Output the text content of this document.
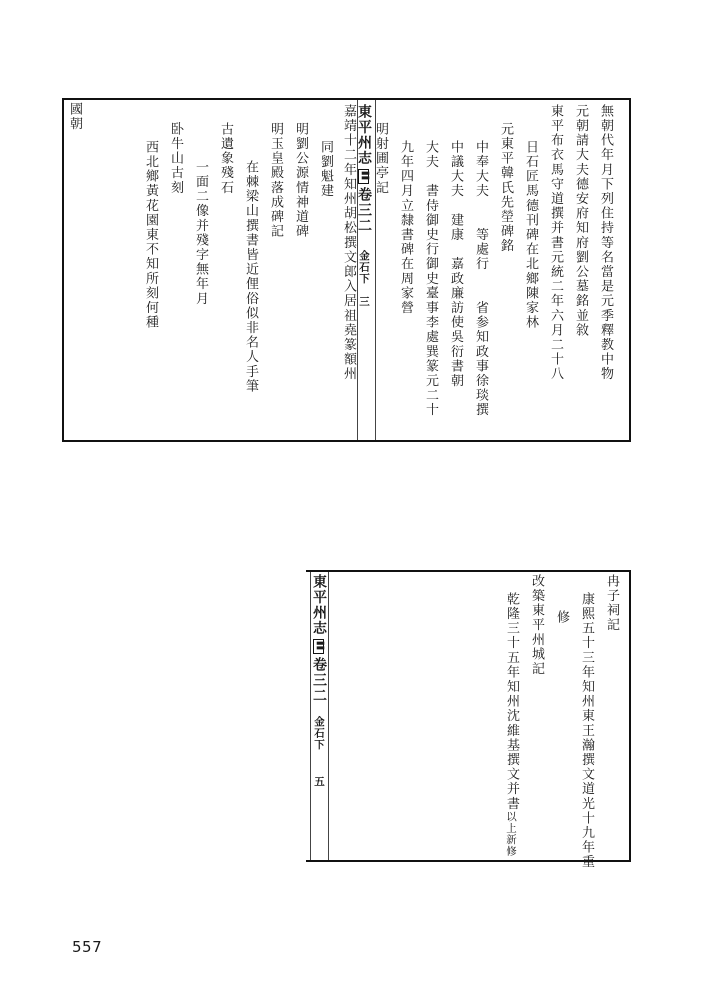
無朝代年月下列住持等名當是元季釋教中物
元朝請大夫德安府知府劉公墓銘並敘
東平布衣馬守道撰并書元統二年六月二十八
日石匠馬德刊碑在北鄉陳家林
元東平韓氏先塋碑銘
中奉大夫　　等處行　　省参知政事徐琰撰
中議大夫　建康　嘉政廉訪使吳衍書朝
大夫　書侍御史行御史臺事李處巽篆元二十
九年四月立隸書碑在周家營
明射圃亭記
嘉靖十二年知州胡松撰文郎入居祖堯篆額州 東平州志〓卷三二金石下三
同劉魁建
明劉公源情神道碑
明玉皇殿落成碑記
在棘梁山撰書皆近俚俗似非名人手筆
古遺象殘石
一面二像并殘字無年月
卧牛山古刻
西北鄉黃花園東不知所刻何種
國朝
冉子祠記
康熙五十三年知州東王瀚撰文道光十九年重
修
改築東平州城記
乾隆三十五年知州沈維基撰文并書以上新修
東平州志〓卷三二金石下五
557
